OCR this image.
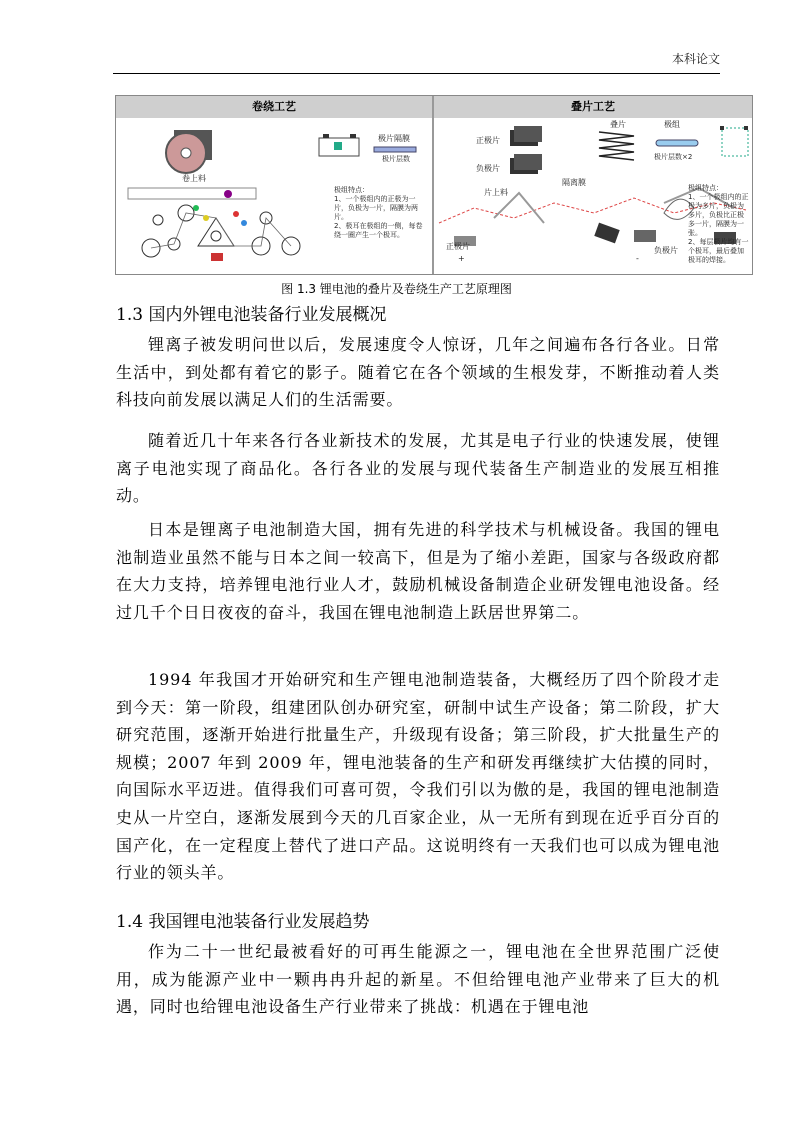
本科论文
卷绕工艺
卷上料
极片隔膜
极片层数
极组特点：
1、一个极组内的正极为一片，负极为一片，隔膜为两片。
2、极耳在极组的一侧，每卷绕一圈产生一个极耳。
叠片工艺
正极片
负极片
叠片	极组
极片层数×2
片上料
隔离膜
正极片	负极片
+	-
极组特点：
1、一个极组内的正极为多片，负极为多片，负极比正极多一片，隔膜为一张。
2、每层极片均有一个极耳，最后叠加极耳的焊接。
图 1.3 锂电池的叠片及卷绕生产工艺原理图
1.3 国内外锂电池装备行业发展概况
锂离子被发明问世以后，发展速度令人惊讶，几年之间遍布各行各业。日常生活中，到处都有着它的影子。随着它在各个领域的生根发芽，不断推动着人类科技向前发展以满足人们的生活需要。
随着近几十年来各行各业新技术的发展，尤其是电子行业的快速发展，使锂离子电池实现了商品化。各行各业的发展与现代装备生产制造业的发展互相推动。
日本是锂离子电池制造大国，拥有先进的科学技术与机械设备。我国的锂电池制造业虽然不能与日本之间一较高下，但是为了缩小差距，国家与各级政府都在大力支持，培养锂电池行业人才，鼓励机械设备制造企业研发锂电池设备。经过几千个日日夜夜的奋斗，我国在锂电池制造上跃居世界第二。
1994 年我国才开始研究和生产锂电池制造装备，大概经历了四个阶段才走到今天：第一阶段，组建团队创办研究室，研制中试生产设备；第二阶段，扩大研究范围，逐渐开始进行批量生产，升级现有设备；第三阶段，扩大批量生产的规模；2007 年到 2009 年，锂电池装备的生产和研发再继续扩大估摸的同时，向国际水平迈进。值得我们可喜可贺，令我们引以为傲的是，我国的锂电池制造史从一片空白，逐渐发展到今天的几百家企业，从一无所有到现在近乎百分百的国产化，在一定程度上替代了进口产品。这说明终有一天我们也可以成为锂电池行业的领头羊。
1.4 我国锂电池装备行业发展趋势
作为二十一世纪最被看好的可再生能源之一，锂电池在全世界范围广泛使用，成为能源产业中一颗冉冉升起的新星。不但给锂电池产业带来了巨大的机遇，同时也给锂电池设备生产行业带来了挑战：机遇在于锂电池
